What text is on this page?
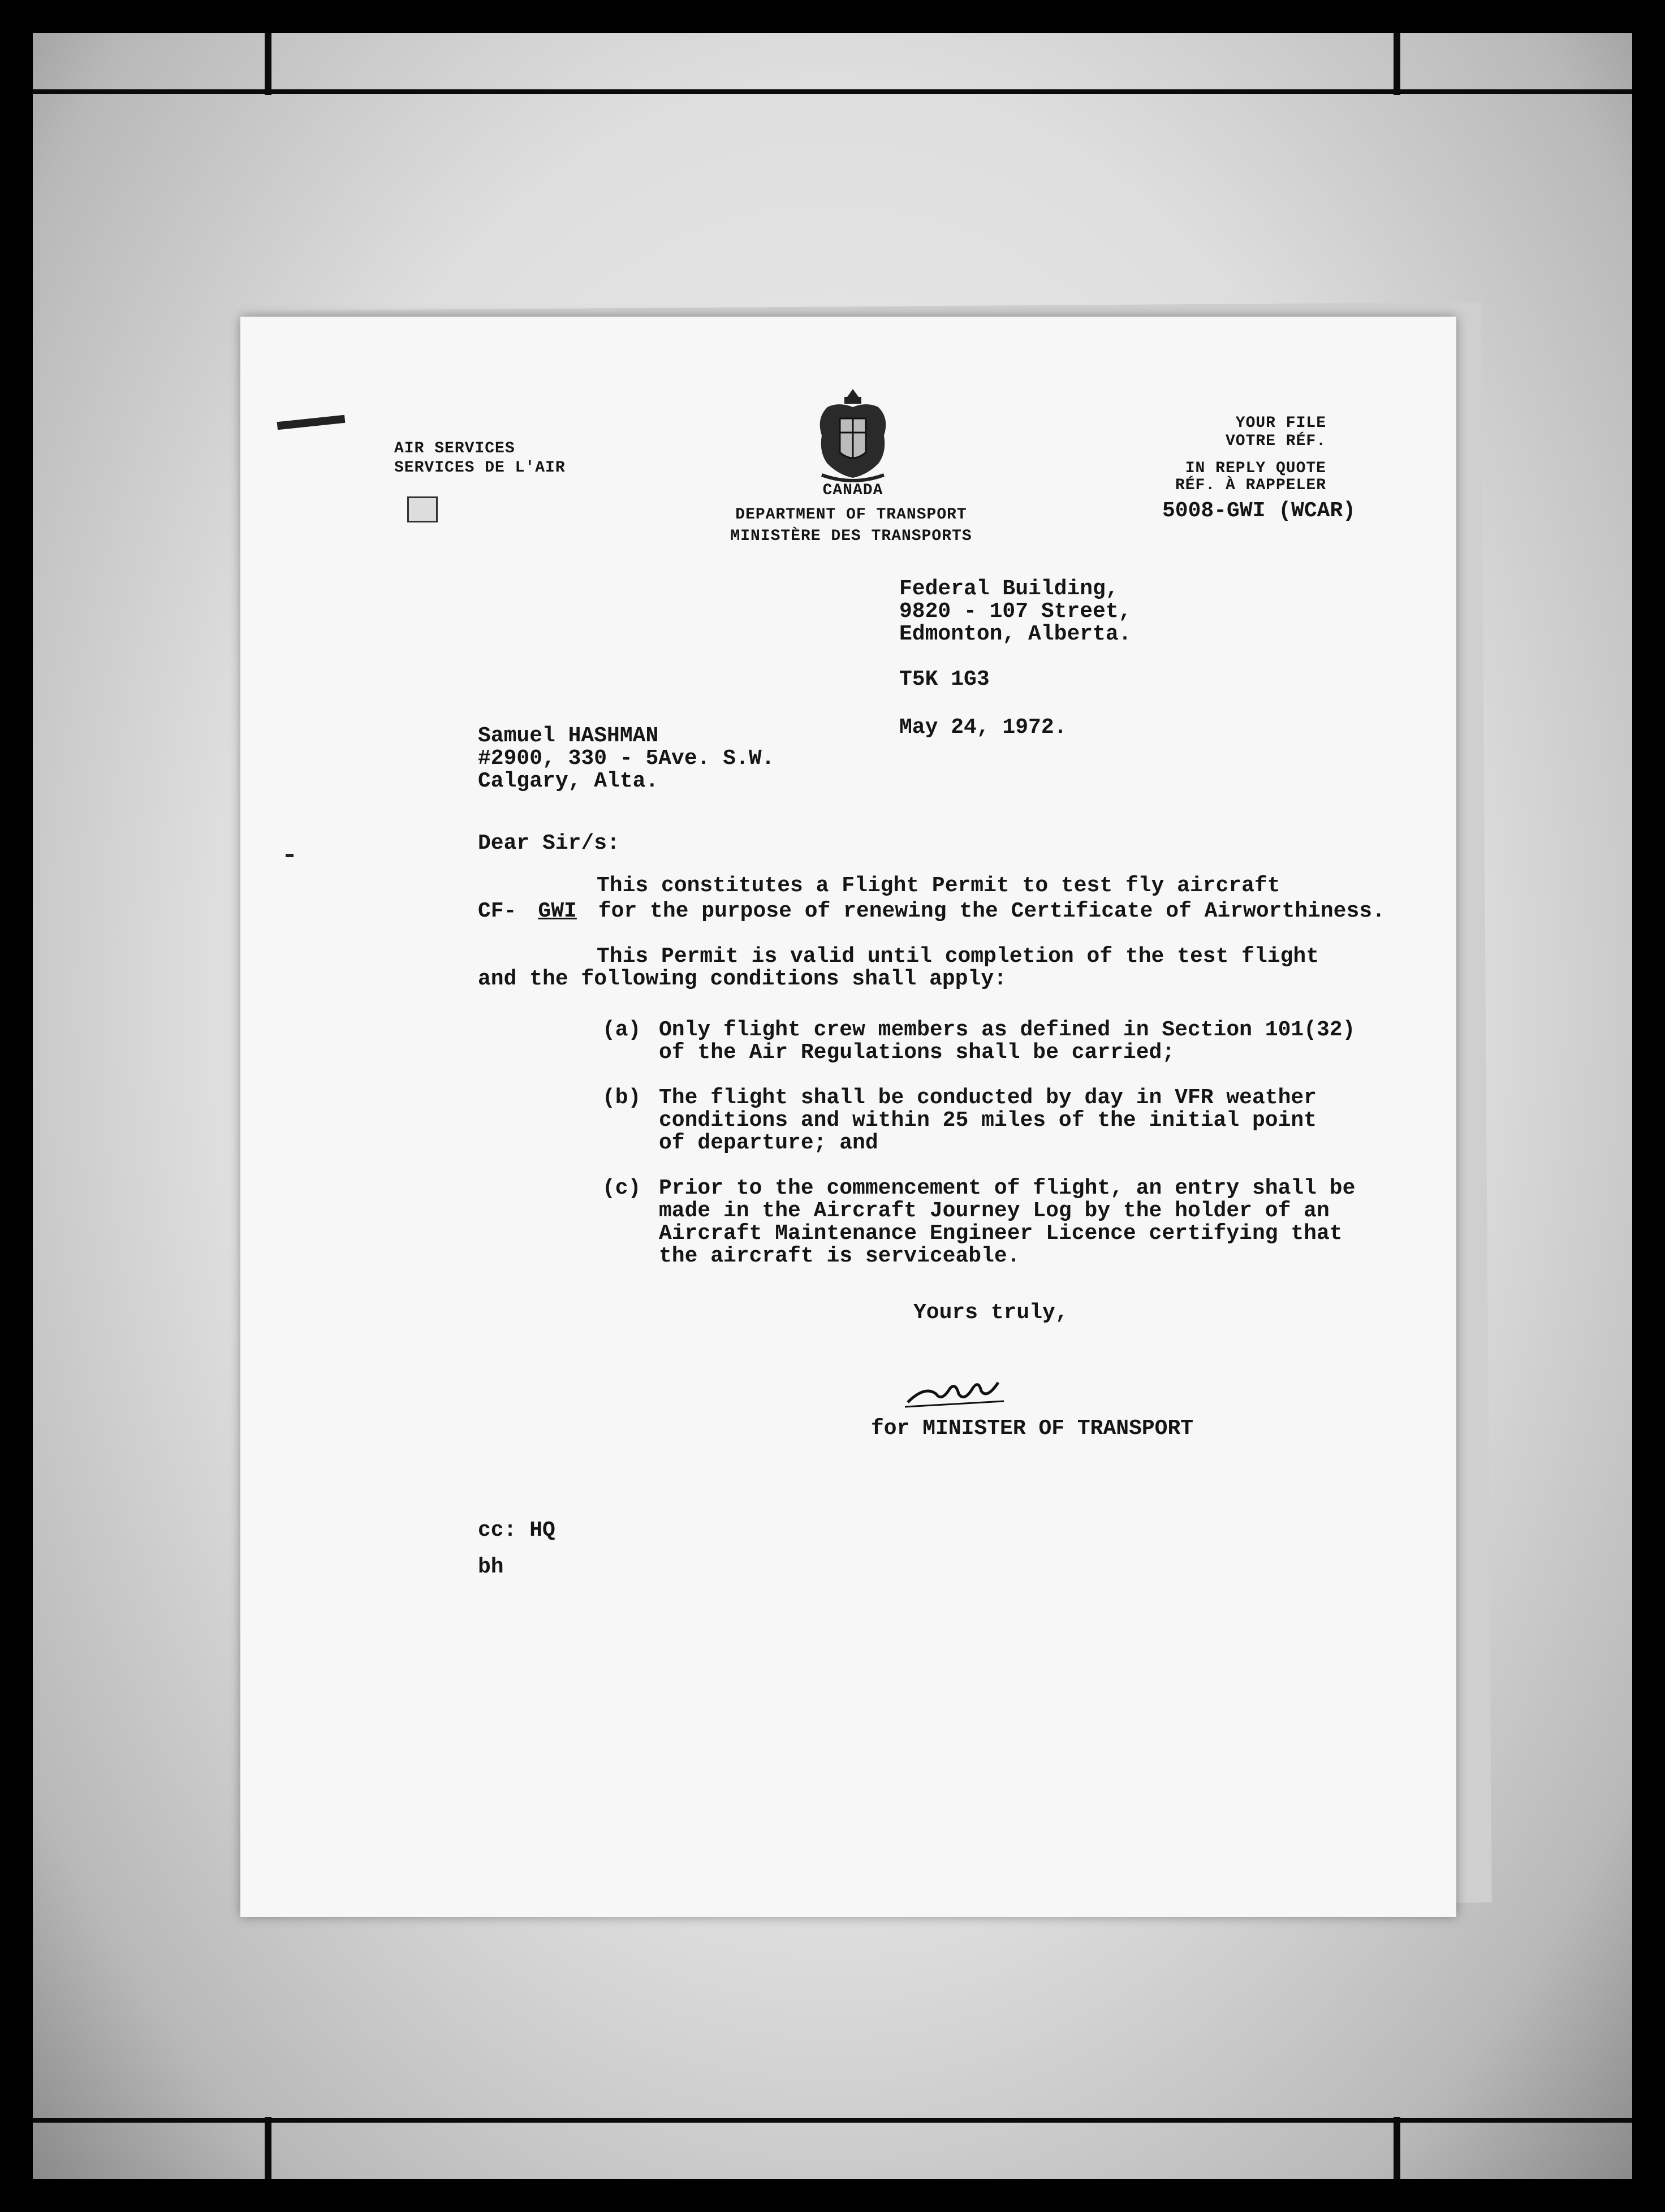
AIR SERVICES
SERVICES DE L'AIR
CANADA
DEPARTMENT OF TRANSPORT
MINISTÈRE DES TRANSPORTS
YOUR FILE
VOTRE RÉF.
IN REPLY QUOTE
RÉF. À RAPPELER
5008-GWI (WCAR)
Federal Building,
9820 - 107 Street,
Edmonton, Alberta.
T5K 1G3
May 24, 1972.
Samuel HASHMAN
#2900, 330 - 5Ave. S.W.
Calgary, Alta.
Dear Sir/s:
This constitutes a Flight Permit to test fly aircraft
CF- GWI for the purpose of renewing the Certificate of Airworthiness.
This Permit is valid until completion of the test flight
and the following conditions shall apply:
(a) Only flight crew members as defined in Section 101(32)
of the Air Regulations shall be carried;
(b) The flight shall be conducted by day in VFR weather
conditions and within 25 miles of the initial point
of departure; and
(c) Prior to the commencement of flight, an entry shall be
made in the Aircraft Journey Log by the holder of an
Aircraft Maintenance Engineer Licence certifying that
the aircraft is serviceable.
Yours truly,
for MINISTER OF TRANSPORT
cc: HQ
bh
